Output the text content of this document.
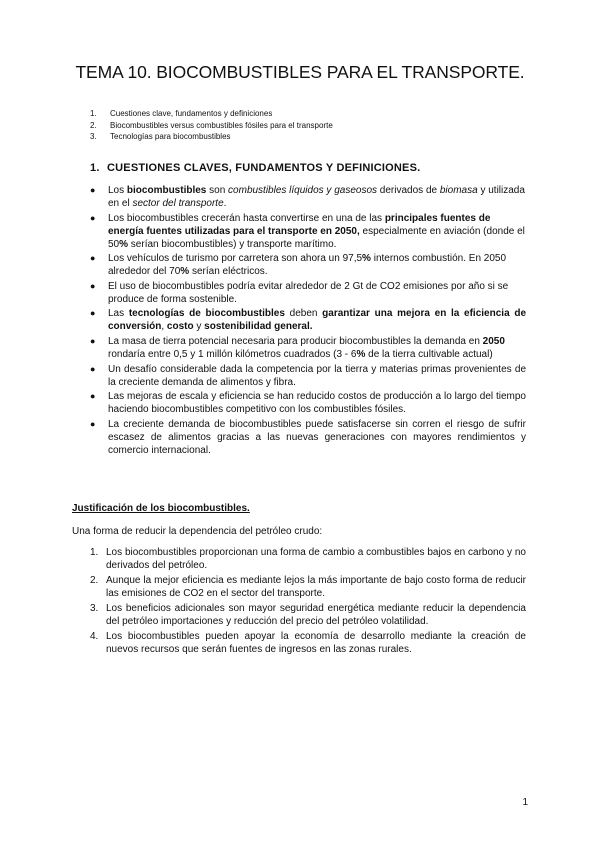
TEMA 10. BIOCOMBUSTIBLES PARA EL TRANSPORTE.
1. Cuestiones clave, fundamentos y definiciones
2. Biocombustibles versus combustibles fósiles para el transporte
3. Tecnologías para biocombustibles
1. CUESTIONES CLAVES, FUNDAMENTOS Y DEFINICIONES.
● Los biocombustibles son combustibles líquidos y gaseosos derivados de biomasa y utilizada en el sector del transporte.
● Los biocombustibles crecerán hasta convertirse en una de las principales fuentes de energía fuentes utilizadas para el transporte en 2050, especialmente en aviación (donde el 50% serían biocombustibles) y transporte marítimo.
● Los vehículos de turismo por carretera son ahora un 97,5% internos combustión. En 2050 alrededor del 70% serían eléctricos.
● El uso de biocombustibles podría evitar alrededor de 2 Gt de CO2 emisiones por año si se produce de forma sostenible.
● Las tecnologías de biocombustibles deben garantizar una mejora en la eficiencia de conversión, costo y sostenibilidad general.
● La masa de tierra potencial necesaria para producir biocombustibles la demanda en 2050 rondaría entre 0,5 y 1 millón kilómetros cuadrados (3 - 6% de la tierra cultivable actual)
● Un desafío considerable dada la competencia por la tierra y materias primas provenientes de la creciente demanda de alimentos y fibra.
● Las mejoras de escala y eficiencia se han reducido costos de producción a lo largo del tiempo haciendo biocombustibles competitivo con los combustibles fósiles.
● La creciente demanda de biocombustibles puede satisfacerse sin corren el riesgo de sufrir escasez de alimentos gracias a las nuevas generaciones con mayores rendimientos y comercio internacional.
Justificación de los biocombustibles.

Una forma de reducir la dependencia del petróleo crudo:

1. Los biocombustibles proporcionan una forma de cambio a combustibles bajos en carbono y no derivados del petróleo.
2. Aunque la mejor eficiencia es mediante lejos la más importante de bajo costo forma de reducir las emisiones de CO2 en el sector del transporte.
3. Los beneficios adicionales son mayor seguridad energética mediante reducir la dependencia del petróleo importaciones y reducción del precio del petróleo volatilidad.
4. Los biocombustibles pueden apoyar la economía de desarrollo mediante la creación de nuevos recursos que serán fuentes de ingresos en las zonas rurales.

1
